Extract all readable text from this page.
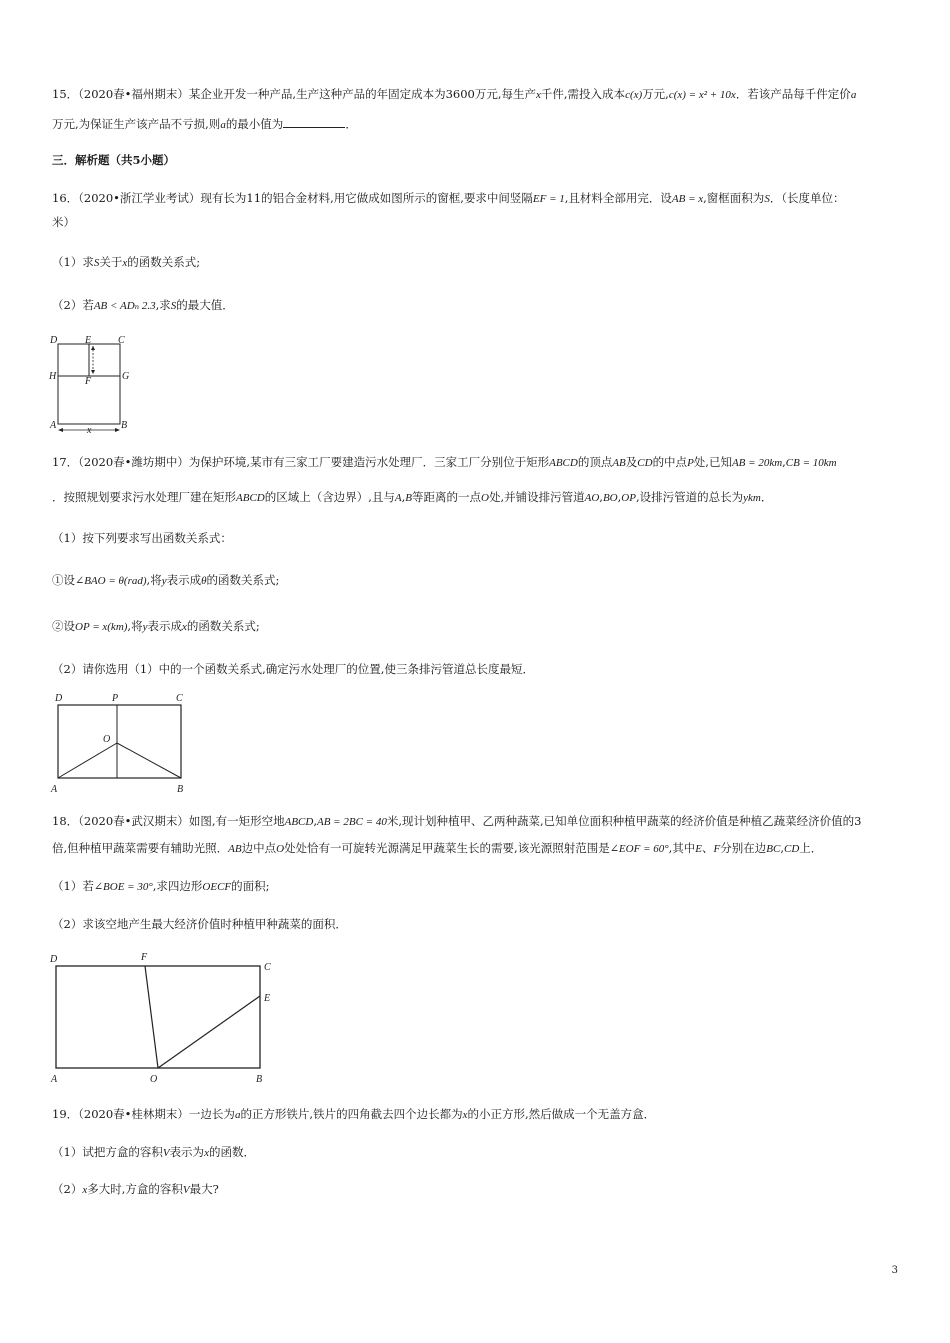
15．（2020春•福州期末）某企业开发一种产品,生产这种产品的年固定成本为3600万元,每生产x千件,需投入成本c(x)万元,c(x) = x² + 10x．若该产品每千件定价a
万元,为保证生产该产品不亏损,则a的最小值为	．
三．解析题（共5小题）
16．（2020•浙江学业考试）现有长为11的铝合金材料,用它做成如图所示的窗框,要求中间竖隔EF = 1,且材料全部用完．设AB = x,窗框面积为S．（长度单位：
米）
（1）求S关于x的函数关系式;
（2）若AB < ADₙ 2.3,求S的最大值．
D	E	C
H	F	G
A	B
x
17．（2020春•潍坊期中）为保护环境,某市有三家工厂要建造污水处理厂．三家工厂分别位于矩形ABCD的顶点AB及CD的中点P处,已知AB = 20km,CB = 10km
．按照规划要求污水处理厂建在矩形ABCD的区域上（含边界）,且与A,B等距离的一点O处,并铺设排污管道AO,BO,OP,设排污管道的总长为ykm．
（1）按下列要求写出函数关系式：
①设∠BAO = θ(rad),将y表示成θ的函数关系式;
②设OP = x(km),将y表示成x的函数关系式;
（2）请你选用（1）中的一个函数关系式,确定污水处理厂的位置,使三条排污管道总长度最短．
D	P	C
O
A	B
18．（2020春•武汉期末）如图,有一矩形空地ABCD,AB = 2BC = 40米,现计划种植甲、乙两种蔬菜,已知单位面积种植甲蔬菜的经济价值是种植乙蔬菜经济价值的3
倍,但种植甲蔬菜需要有辅助光照．AB边中点O处处恰有一可旋转光源满足甲蔬菜生长的需要,该光源照射范围是∠EOF = 60°,其中E、F分别在边BC,CD上．
（1）若∠BOE = 30°,求四边形OECF的面积;
（2）求该空地产生最大经济价值时种植甲种蔬菜的面积．
D	F
C
E
A	O	B
19．（2020春•桂林期末）一边长为a的正方形铁片,铁片的四角截去四个边长都为x的小正方形,然后做成一个无盖方盒．
（1）试把方盒的容积V表示为x的函数．
（2）x多大时,方盒的容积V最大?
3
